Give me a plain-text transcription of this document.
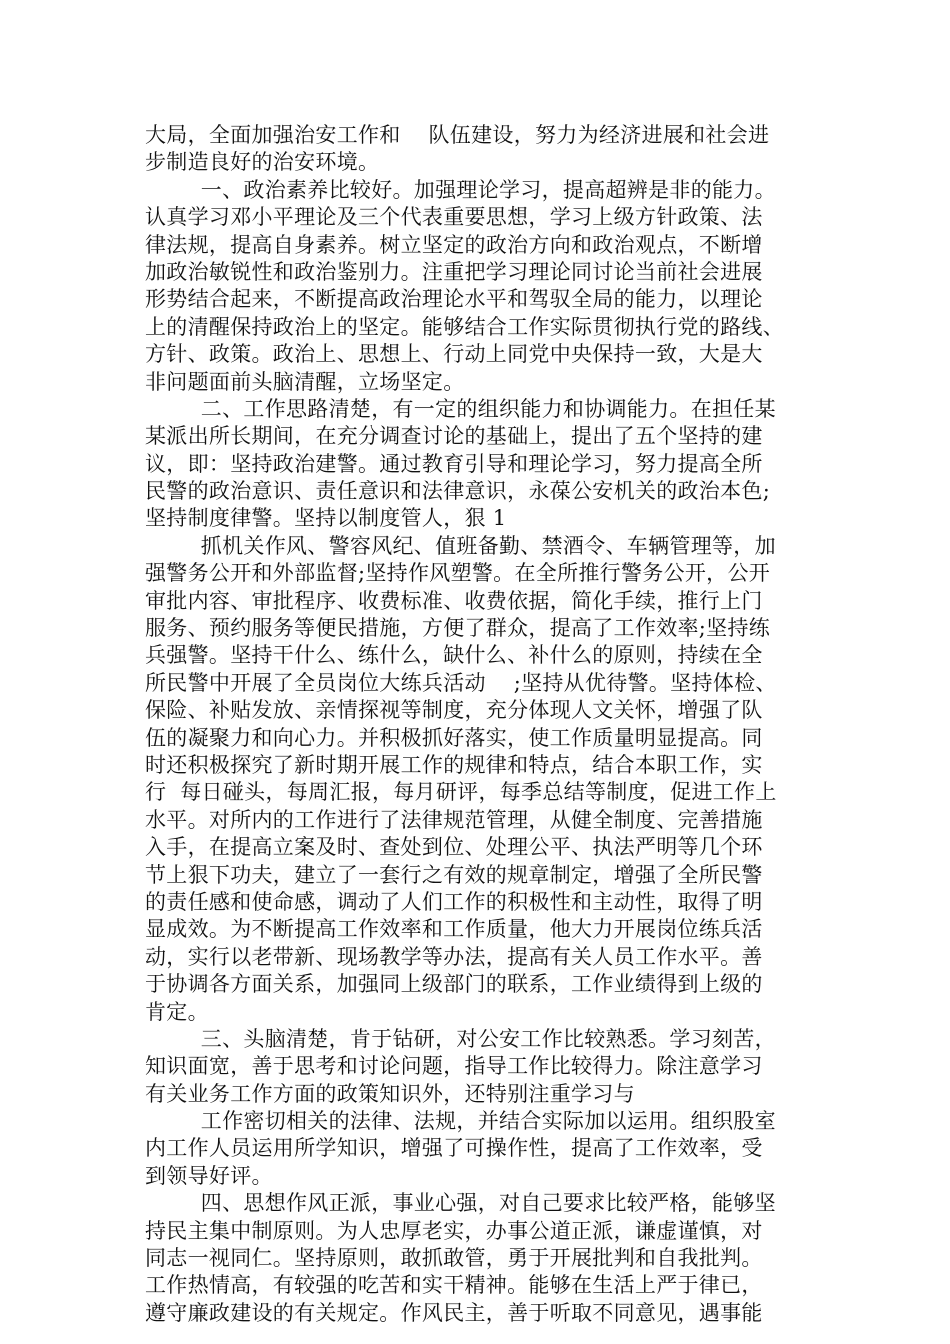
大局，全面加强治安工作和    队伍建设，努力为经济进展和社会进
步制造良好的治安环境。
一、政治素养比较好。加强理论学习，提高超辨是非的能力。
认真学习邓小平理论及三个代表重要思想，学习上级方针政策、法
律法规，提高自身素养。树立坚定的政治方向和政治观点，不断增
加政治敏锐性和政治鉴别力。注重把学习理论同讨论当前社会进展
形势结合起来，不断提高政治理论水平和驾驭全局的能力，以理论
上的清醒保持政治上的坚定。能够结合工作实际贯彻执行党的路线、
方针、政策。政治上、思想上、行动上同党中央保持一致，大是大
非问题面前头脑清醒，立场坚定。
二、工作思路清楚，有一定的组织能力和协调能力。在担任某
某派出所长期间，在充分调查讨论的基础上，提出了五个坚持的建
议，即：坚持政治建警。通过教育引导和理论学习，努力提高全所
民警的政治意识、责任意识和法律意识，永葆公安机关的政治本色;
坚持制度律警。坚持以制度管人，狠 1
抓机关作风、警容风纪、值班备勤、禁酒令、车辆管理等，加
强警务公开和外部监督;坚持作风塑警。在全所推行警务公开，公开
审批内容、审批程序、收费标准、收费依据，简化手续，推行上门
服务、预约服务等便民措施，方便了群众，提高了工作效率;坚持练
兵强警。坚持干什么、练什么，缺什么、补什么的原则，持续在全
所民警中开展了全员岗位大练兵活动    ;坚持从优待警。坚持体检、
保险、补贴发放、亲情探视等制度，充分体现人文关怀，增强了队
伍的凝聚力和向心力。并积极抓好落实，使工作质量明显提高。同
时还积极探究了新时期开展工作的规律和特点，结合本职工作，实
行  每日碰头，每周汇报，每月研评，每季总结等制度，促进工作上
水平。对所内的工作进行了法律规范管理，从健全制度、完善措施
入手，在提高立案及时、查处到位、处理公平、执法严明等几个环
节上狠下功夫，建立了一套行之有效的规章制定，增强了全所民警
的责任感和使命感，调动了人们工作的积极性和主动性，取得了明
显成效。为不断提高工作效率和工作质量，他大力开展岗位练兵活
动，实行以老带新、现场教学等办法，提高有关人员工作水平。善
于协调各方面关系，加强同上级部门的联系，工作业绩得到上级的
肯定。
三、头脑清楚，肯于钻研，对公安工作比较熟悉。学习刻苦，
知识面宽，善于思考和讨论问题，指导工作比较得力。除注意学习
有关业务工作方面的政策知识外，还特别注重学习与
工作密切相关的法律、法规，并结合实际加以运用。组织股室
内工作人员运用所学知识，增强了可操作性，提高了工作效率，受
到领导好评。
四、思想作风正派，事业心强，对自己要求比较严格，能够坚
持民主集中制原则。为人忠厚老实，办事公道正派，谦虚谨慎，对
同志一视同仁。坚持原则，敢抓敢管，勇于开展批判和自我批判。
工作热情高，有较强的吃苦和实干精神。能够在生活上严于律已，
遵守廉政建设的有关规定。作风民主，善于听取不同意见，遇事能
